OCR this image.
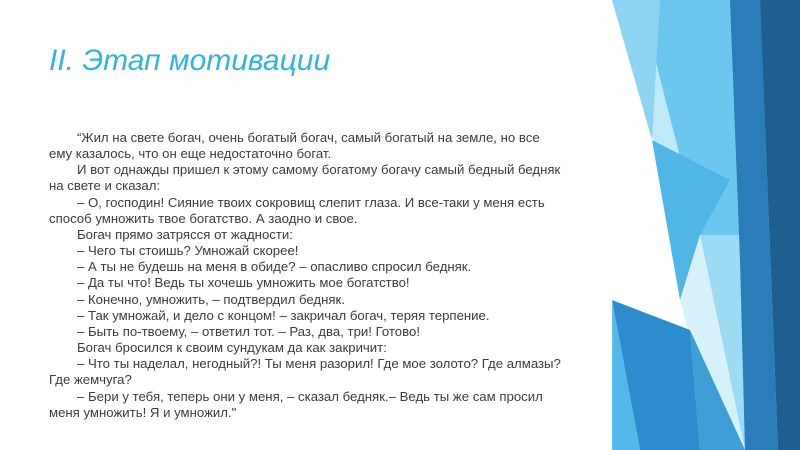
II. Этап мотивации
“Жил на свете богач, очень богатый богач, самый богатый на земле, но все
ему казалось, что он еще недостаточно богат.
И вот однажды пришел к этому самому богатому богачу самый бедный бедняк
на свете и сказал:
– О, господин! Сияние твоих сокровищ слепит глаза. И все-таки у меня есть
способ умножить твое богатство. А заодно и свое.
Богач прямо затрясся от жадности:
– Чего ты стоишь? Умножай скорее!
– А ты не будешь на меня в обиде? – опасливо спросил бедняк.
– Да ты что! Ведь ты хочешь умножить мое богатство!
– Конечно, умножить, – подтвердил бедняк.
– Так умножай, и дело с концом! – закричал богач, теряя терпение.
– Быть по-твоему, – ответил тот. – Раз, два, три! Готово!
Богач бросился к своим сундукам да как закричит:
– Что ты наделал, негодный?! Ты меня разорил! Где мое золото? Где алмазы?
Где жемчуга?
– Бери у тебя, теперь они у меня, – сказал бедняк.– Ведь ты же сам просил
меня умножить! Я и умножил."
